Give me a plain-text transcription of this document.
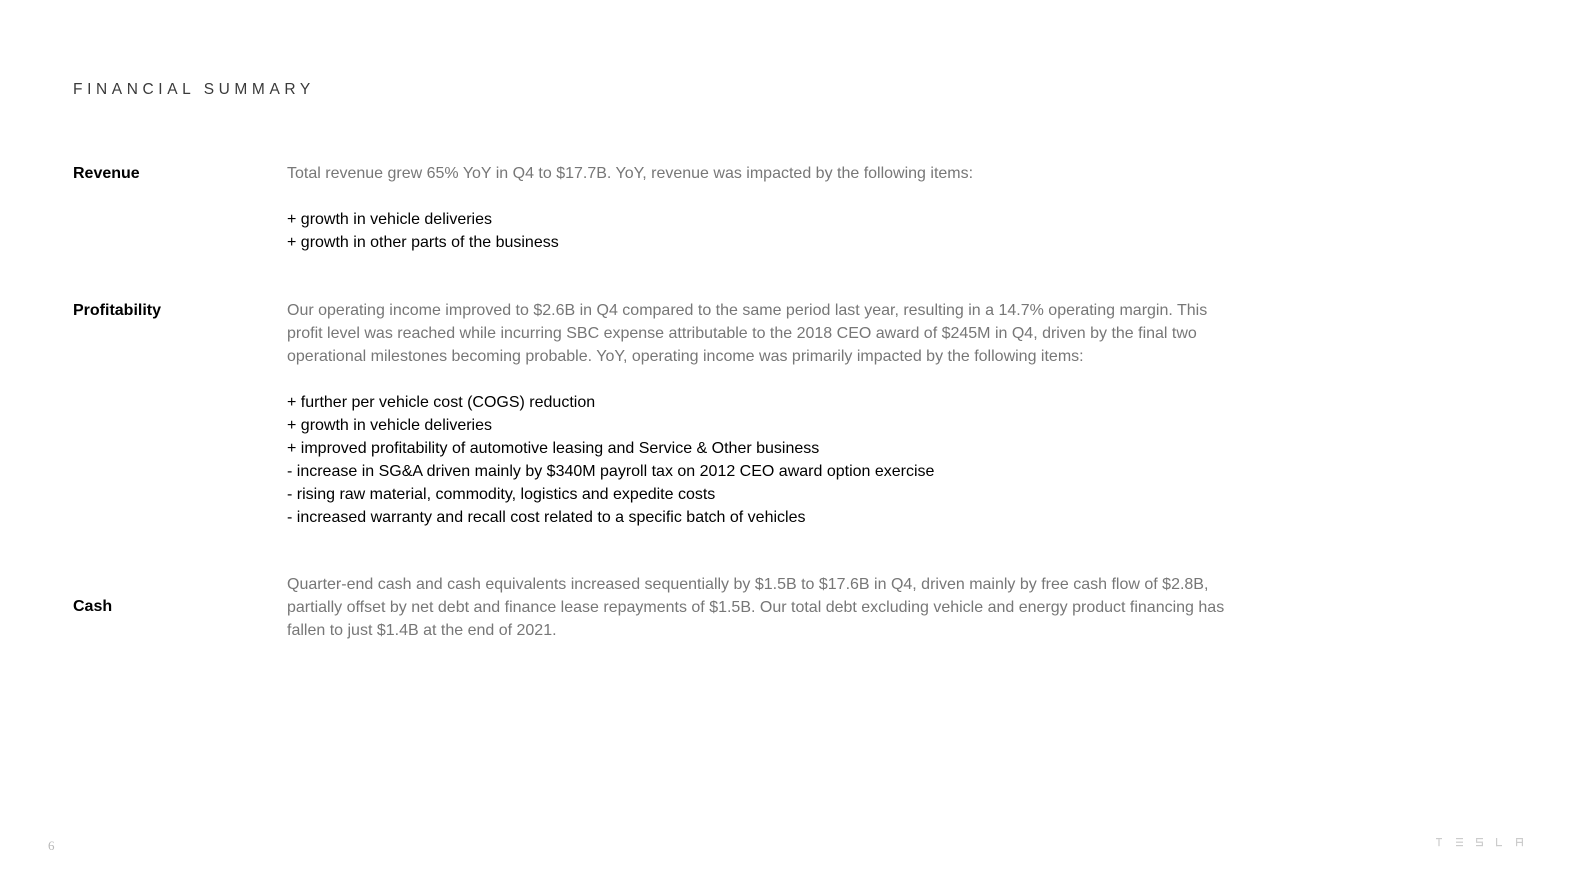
FINANCIAL SUMMARY
Revenue	Total revenue grew 65% YoY in Q4 to $17.7B. YoY, revenue was impacted by the following items:

+ growth in vehicle deliveries
+ growth in other parts of the business
Profitability	Our operating income improved to $2.6B in Q4 compared to the same period last year, resulting in a 14.7% operating margin. This profit level was reached while incurring SBC expense attributable to the 2018 CEO award of $245M in Q4, driven by the final two operational milestones becoming probable. YoY, operating income was primarily impacted by the following items:

+ further per vehicle cost (COGS) reduction
+ growth in vehicle deliveries
+ improved profitability of automotive leasing and Service & Other business
- increase in SG&A driven mainly by $340M payroll tax on 2012 CEO award option exercise
- rising raw material, commodity, logistics and expedite costs
- increased warranty and recall cost related to a specific batch of vehicles
Cash

Quarter-end cash and cash equivalents increased sequentially by $1.5B to $17.6B in Q4, driven mainly by free cash flow of $2.8B, partially offset by net debt and finance lease repayments of $1.5B. Our total debt excluding vehicle and energy product financing has fallen to just $1.4B at the end of 2021.

6
